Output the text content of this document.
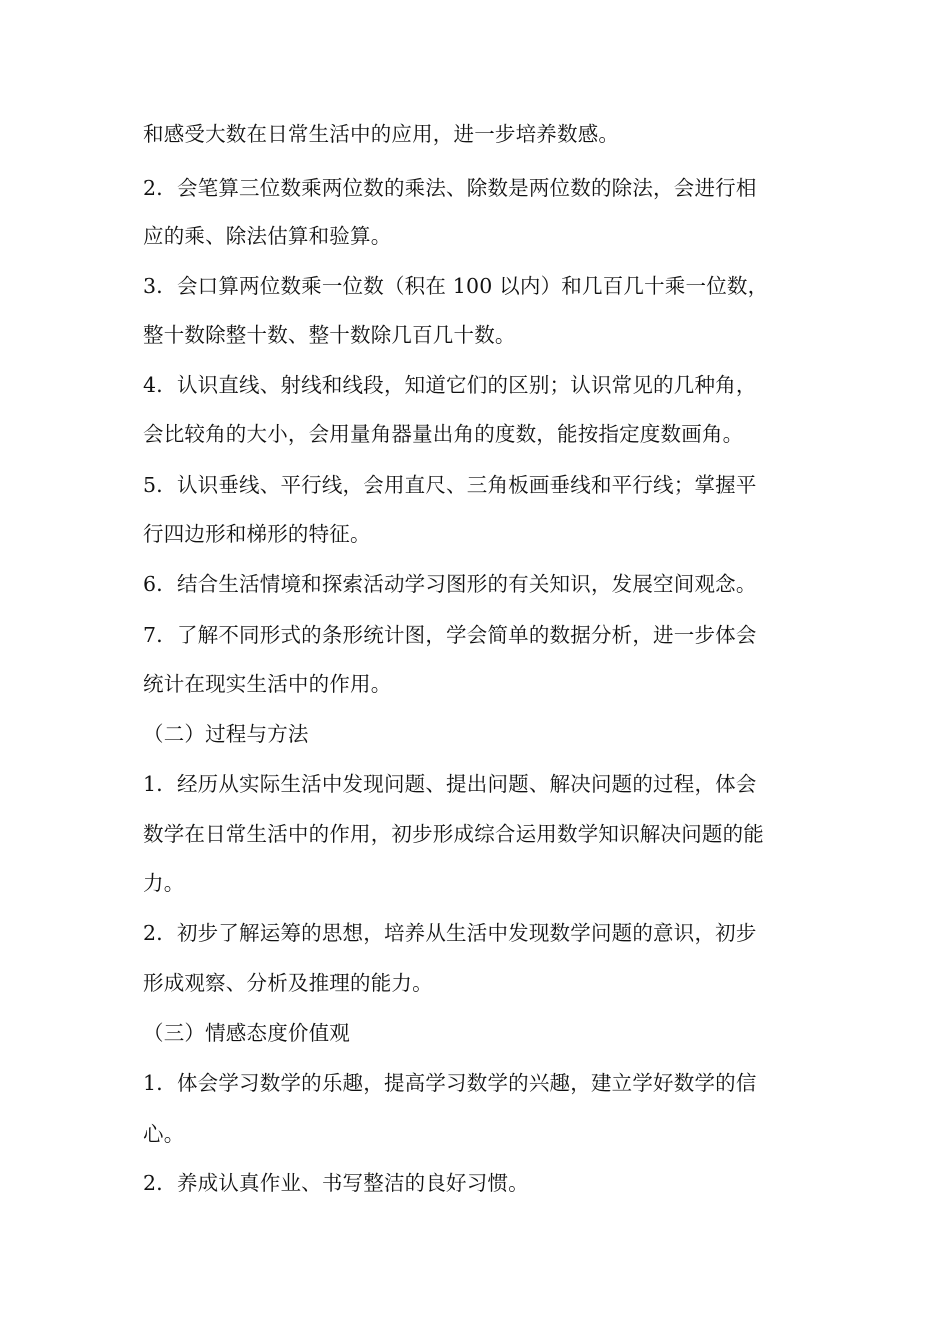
和感受大数在日常生活中的应用，进一步培养数感。
2．会笔算三位数乘两位数的乘法、除数是两位数的除法，会进行相
应的乘、除法估算和验算。
3．会口算两位数乘一位数（积在 100 以内）和几百几十乘一位数，
整十数除整十数、整十数除几百几十数。
4．认识直线、射线和线段，知道它们的区别；认识常见的几种角，
会比较角的大小，会用量角器量出角的度数，能按指定度数画角。
5．认识垂线、平行线，会用直尺、三角板画垂线和平行线；掌握平
行四边形和梯形的特征。
6．结合生活情境和探索活动学习图形的有关知识，发展空间观念。
7．了解不同形式的条形统计图，学会简单的数据分析，进一步体会
统计在现实生活中的作用。
（二）过程与方法
1．经历从实际生活中发现问题、提出问题、解决问题的过程，体会
数学在日常生活中的作用，初步形成综合运用数学知识解决问题的能
力。
2．初步了解运筹的思想，培养从生活中发现数学问题的意识，初步
形成观察、分析及推理的能力。
（三）情感态度价值观
1．体会学习数学的乐趣，提高学习数学的兴趣，建立学好数学的信
心。
2．养成认真作业、书写整洁的良好习惯。
